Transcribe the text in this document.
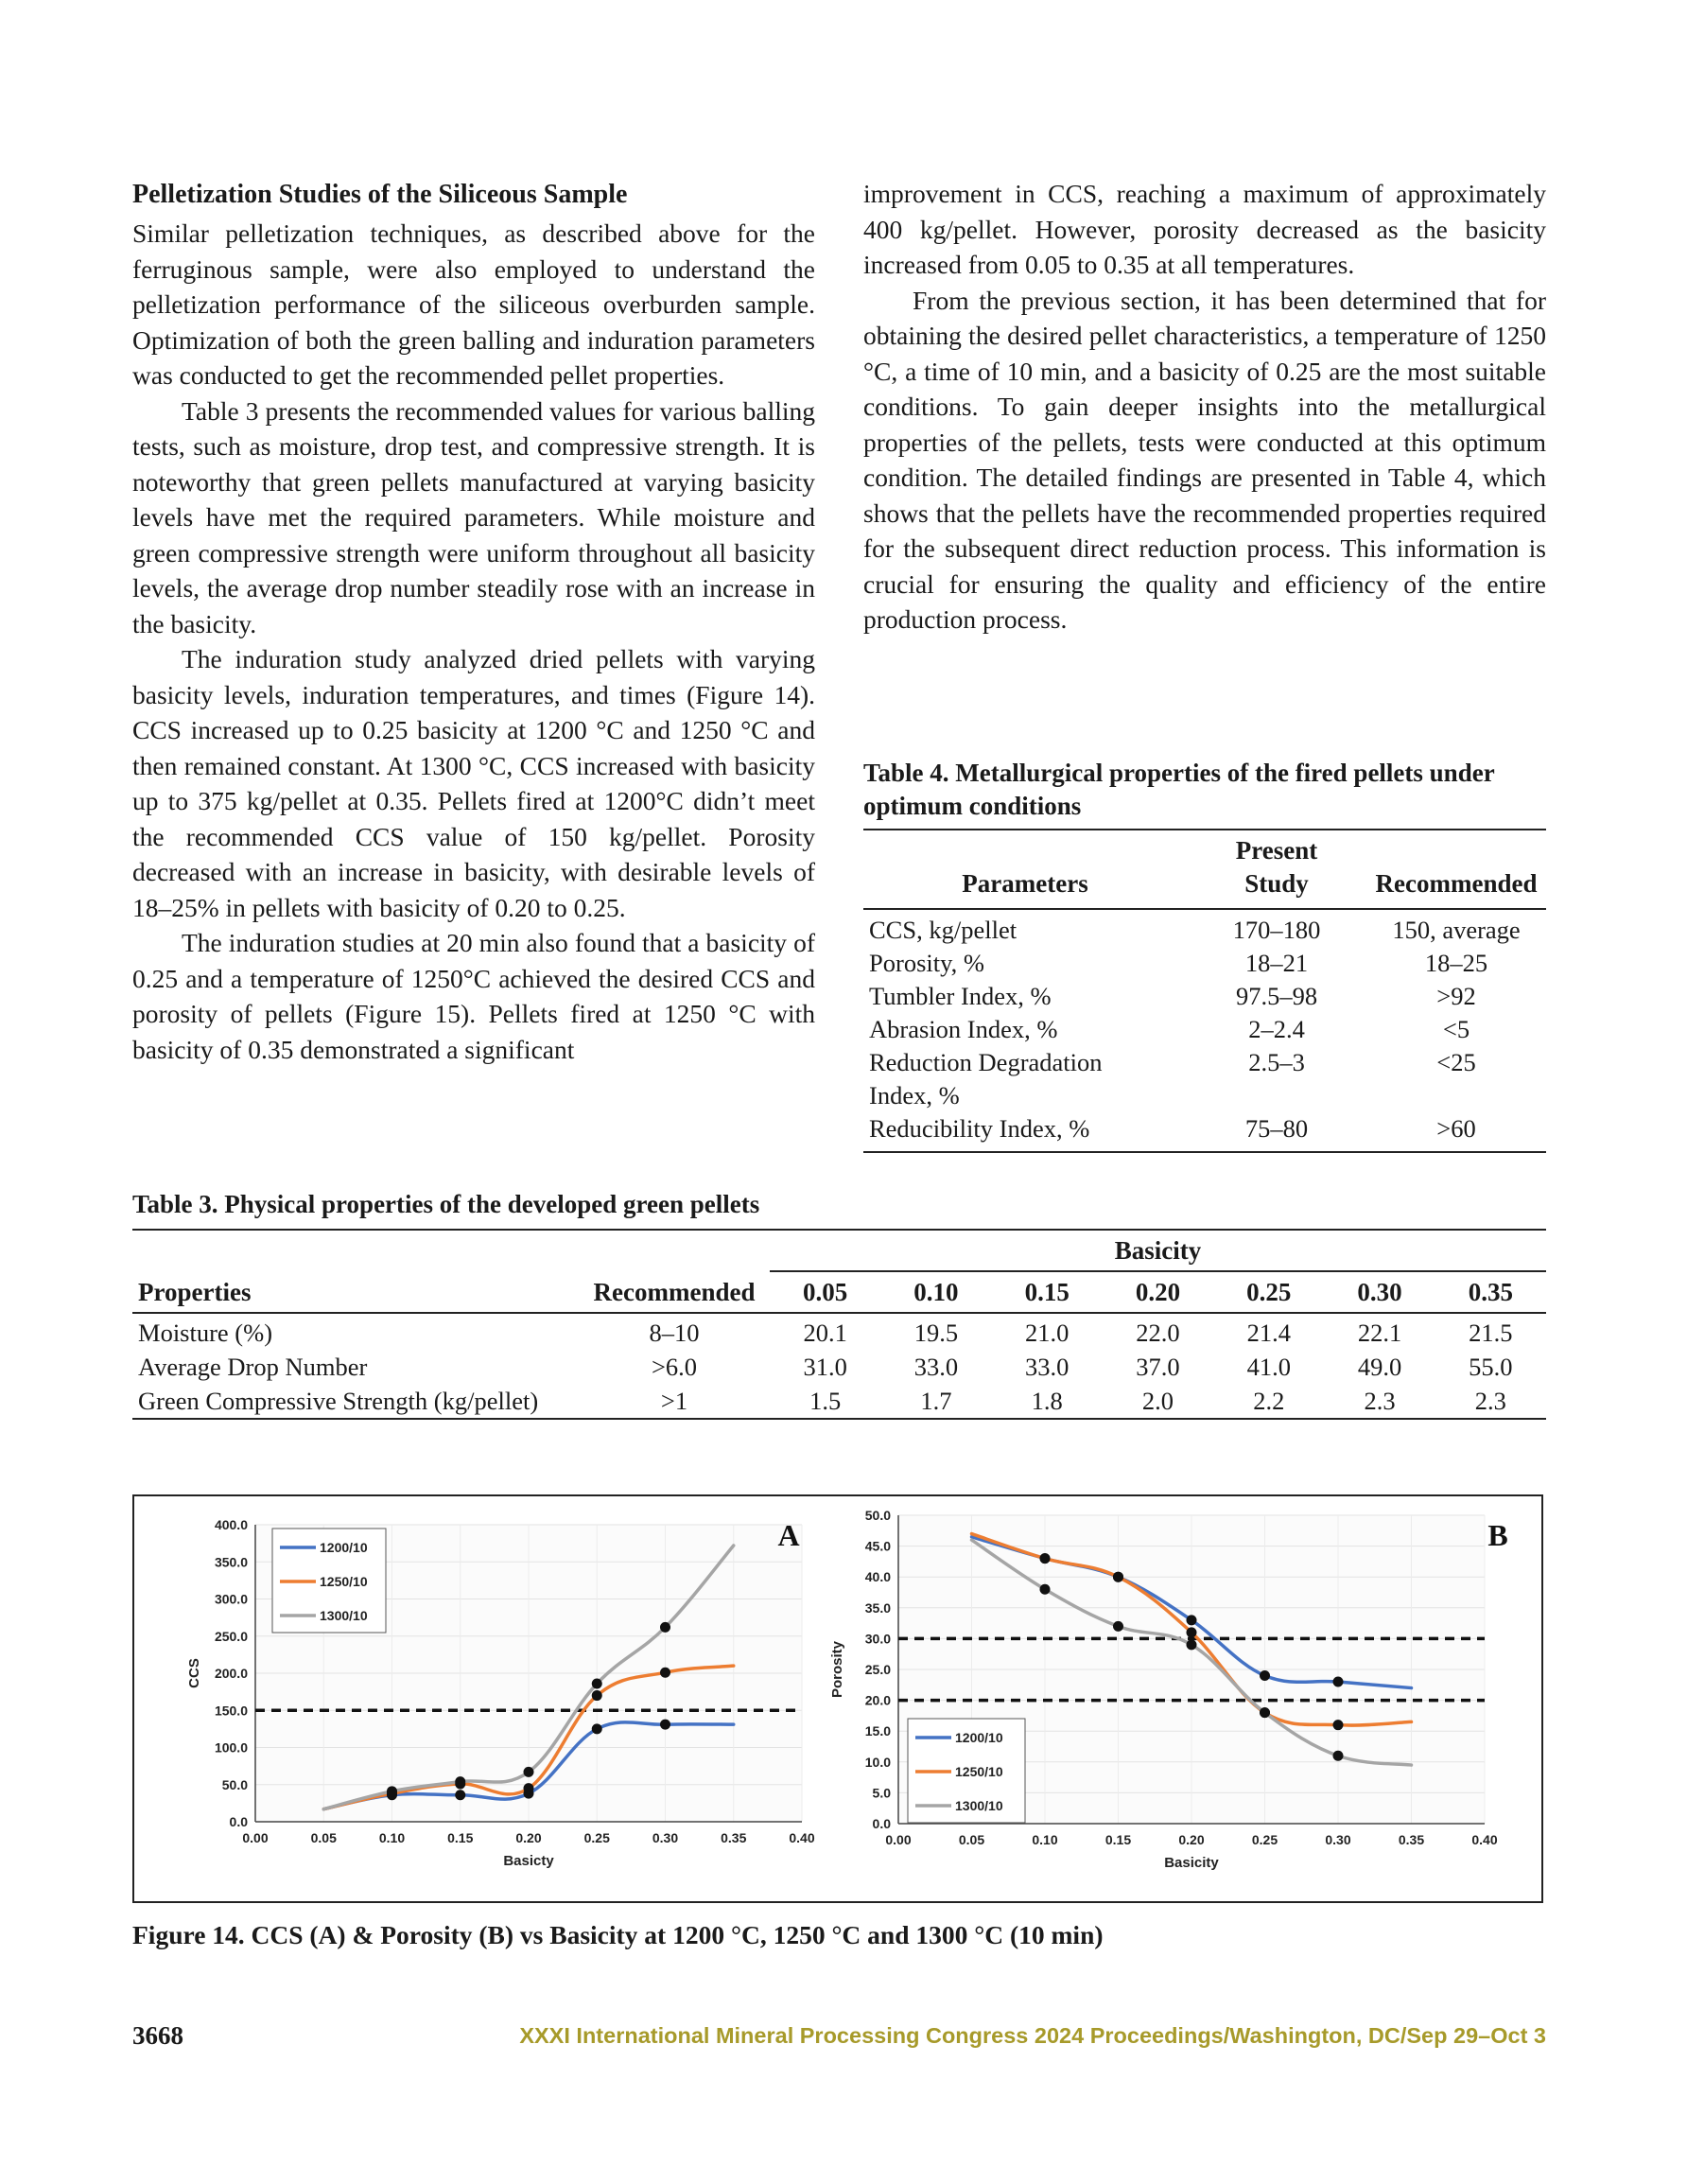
Pelletization Studies of the Siliceous Sample

Similar pelletization techniques, as described above for the ferruginous sample, were also employed to understand the pelletization performance of the siliceous overburden sample. Optimization of both the green balling and induration parameters was conducted to get the recommended pellet properties.

Table 3 presents the recommended values for various balling tests, such as moisture, drop test, and compressive strength. It is noteworthy that green pellets manufactured at varying basicity levels have met the required parameters. While moisture and green compressive strength were uniform throughout all basicity levels, the average drop number steadily rose with an increase in the basicity.

The induration study analyzed dried pellets with varying basicity levels, induration temperatures, and times (Figure 14). CCS increased up to 0.25 basicity at 1200 °C and 1250 °C and then remained constant. At 1300 °C, CCS increased with basicity up to 375 kg/pellet at 0.35. Pellets fired at 1200°C didn’t meet the recommended CCS value of 150 kg/pellet. Porosity decreased with an increase in basicity, with desirable levels of 18–25% in pellets with basicity of 0.20 to 0.25.

The induration studies at 20 min also found that a basicity of 0.25 and a temperature of 1250°C achieved the desired CCS and porosity of pellets (Figure 15). Pellets fired at 1250 °C with basicity of 0.35 demonstrated a significant

improvement in CCS, reaching a maximum of approximately 400 kg/pellet. However, porosity decreased as the basicity increased from 0.05 to 0.35 at all temperatures.

From the previous section, it has been determined that for obtaining the desired pellet characteristics, a temperature of 1250 °C, a time of 10 min, and a basicity of 0.25 are the most suitable conditions. To gain deeper insights into the metallurgical properties of the pellets, tests were conducted at this optimum condition. The detailed findings are presented in Table 4, which shows that the pellets have the recommended properties required for the subsequent direct reduction process. This information is crucial for ensuring the quality and efficiency of the entire production process.

Table 4. Metallurgical properties of the fired pellets under optimum conditions

Parameters	Present Study	Recommended
CCS, kg/pellet	170–180	150, average
Porosity, %	18–21	18–25
Tumbler Index, %	97.5–98	>92
Abrasion Index, %	2–2.4	<5
Reduction Degradation Index, %	2.5–3	<25
Reducibility Index, %	75–80	>60

Table 3. Physical properties of the developed green pellets

		Basicity						
Properties	Recommended	0.05	0.10	0.15	0.20	0.25	0.30	0.35
Moisture (%)	8–10	20.1	19.5	21.0	22.0	21.4	22.1	21.5
Average Drop Number	>6.0	31.0	33.0	33.0	37.0	41.0	49.0	55.0
Green Compressive Strength (kg/pellet)	>1	1.5	1.7	1.8	2.0	2.2	2.3	2.3
0.0
50.0
100.0
150.0
200.0
250.0
300.0
350.0
400.0
0.00	0.05	0.10	0.15	0.20	0.25	0.30	0.35	0.40
Basicty
CCS
1200/10
1250/10
1300/10
A
0.0
5.0
10.0
15.0
20.0
25.0
30.0
35.0
40.0
45.0
50.0
0.00	0.05	0.10	0.15	0.20	0.25	0.30	0.35	0.40
Basicity
Porosity
1200/10
1250/10
1300/10
B
Figure 14. CCS (A) & Porosity (B) vs Basicity at 1200 °C, 1250 °C and 1300 °C (10 min)
3668	XXXI International Mineral Processing Congress 2024 Proceedings/Washington, DC/Sep 29–Oct 3
